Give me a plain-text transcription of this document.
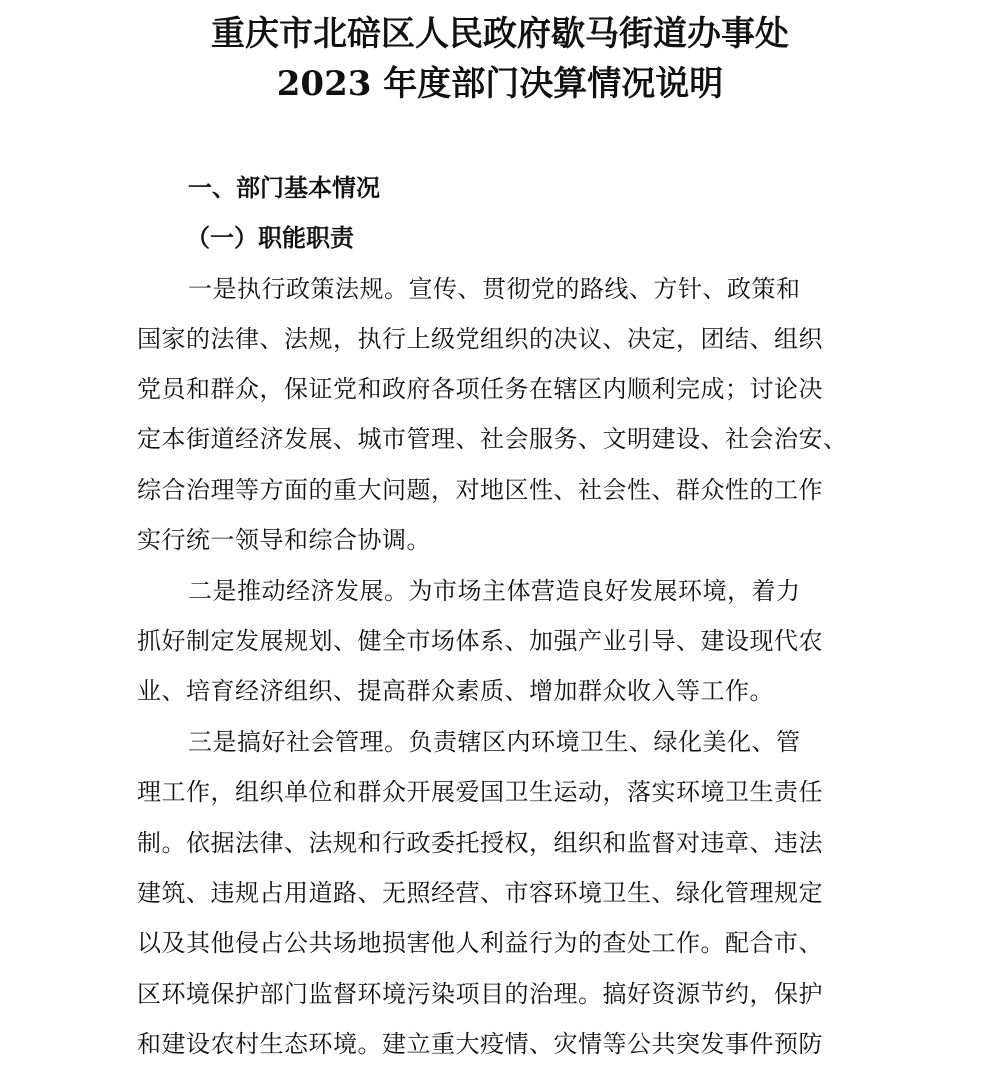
重庆市北碚区人民政府歇马街道办事处
2023 年度部门决算情况说明
一、部门基本情况
（一）职能职责

一是执行政策法规。宣传、贯彻党的路线、方针、政策和

国家的法律、法规，执行上级党组织的决议、决定，团结、组织

党员和群众，保证党和政府各项任务在辖区内顺利完成；讨论决

定本街道经济发展、城市管理、社会服务、文明建设、社会治安、

综合治理等方面的重大问题，对地区性、社会性、群众性的工作

实行统一领导和综合协调。

二是推动经济发展。为市场主体营造良好发展环境，着力

抓好制定发展规划、健全市场体系、加强产业引导、建设现代农

业、培育经济组织、提高群众素质、增加群众收入等工作。

三是搞好社会管理。负责辖区内环境卫生、绿化美化、管

理工作，组织单位和群众开展爱国卫生运动，落实环境卫生责任

制。依据法律、法规和行政委托授权，组织和监督对违章、违法

建筑、违规占用道路、无照经营、市容环境卫生、绿化管理规定

以及其他侵占公共场地损害他人利益行为的查处工作。配合市、

区环境保护部门监督环境污染项目的治理。搞好资源节约，保护

和建设农村生态环境。建立重大疫情、灾情等公共突发事件预防
